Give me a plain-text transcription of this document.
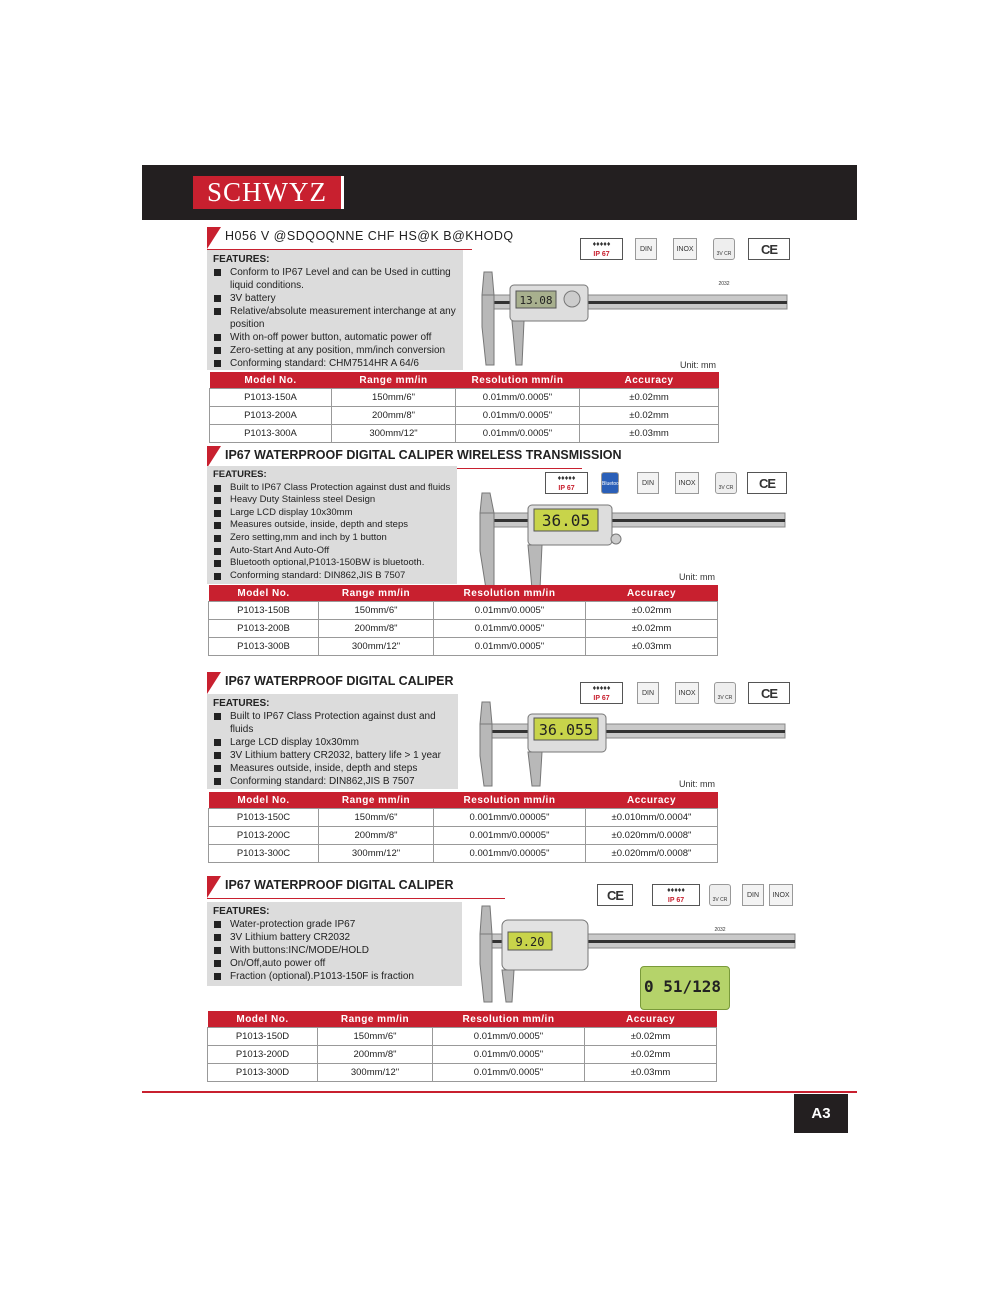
SCHWYZ
H056 V @SDQOQNNE CHF HS@K B@KHODQ
FEATURES:
Conform to IP67 Level and can be Used in cutting liquid conditions.
3V battery
Relative/absolute measurement interchange at any position
With on-off power button, automatic power off
Zero-setting at any position, mm/inch conversion
Conforming standard: CHM7514HR A 64/6
♦♦♦♦♦
IP 67
DIN	INOX
3V CR 2032
CE
13.08
Unit: mm
Model No.	Range mm/in	Resolution mm/in	Accuracy
P1013-150A	150mm/6"	0.01mm/0.0005"	±0.02mm
P1013-200A	200mm/8"	0.01mm/0.0005"	±0.02mm
P1013-300A	300mm/12"	0.01mm/0.0005"	±0.03mm
IP67 WATERPROOF DIGITAL CALIPER WIRELESS TRANSMISSION
FEATURES:
Built to IP67 Class Protection against dust and fluids
Heavy Duty Stainless steel Design
Large LCD display 10x30mm
Measures outside, inside, depth and steps
Zero setting,mm and inch by 1 button
Auto-Start And Auto-Off
Bluetooth optional,P1013-150BW is bluetooth.
Conforming standard: DIN862,JIS B 7507
♦♦♦♦♦
IP 67
Bluetooth	DIN	INOX
3V CR	CE
36.05
Unit: mm
Model No.	Range mm/in	Resolution mm/in	Accuracy
P1013-150B	150mm/6"	0.01mm/0.0005"	±0.02mm
P1013-200B	200mm/8"	0.01mm/0.0005"	±0.02mm
P1013-300B	300mm/12"	0.01mm/0.0005"	±0.03mm
IP67 WATERPROOF DIGITAL CALIPER
FEATURES:
Built to IP67 Class Protection against dust and fluids
Large LCD display 10x30mm
3V Lithium battery CR2032, battery life > 1 year
Measures outside, inside, depth and steps
Conforming standard: DIN862,JIS B 7507
♦♦♦♦♦
IP 67
DIN	INOX
3V CR	CE
36.055
Unit: mm
Model No.	Range mm/in	Resolution mm/in	Accuracy
P1013-150C	150mm/6"	0.001mm/0.00005"	±0.010mm/0.0004"
P1013-200C	200mm/8"	0.001mm/0.00005"	±0.020mm/0.0008"
P1013-300C	300mm/12"	0.001mm/0.00005"	±0.020mm/0.0008"
IP67 WATERPROOF DIGITAL CALIPER
FEATURES:
Water-protection grade IP67
3V Lithium battery CR2032
With buttons:INC/MODE/HOLD
On/Off,auto power off
Fraction (optional).P1013-150F is fraction
CE	♦♦♦♦♦
IP 67	3V CR 2032
DIN	INOX
9.20
Model No.	Range mm/in	Resolution mm/in	Accuracy
P1013-150D	150mm/6"	0.01mm/0.0005"	±0.02mm
P1013-200D	200mm/8"	0.01mm/0.0005"	±0.02mm
P1013-300D	300mm/12"	0.01mm/0.0005"	±0.03mm
0 51/128
A3
